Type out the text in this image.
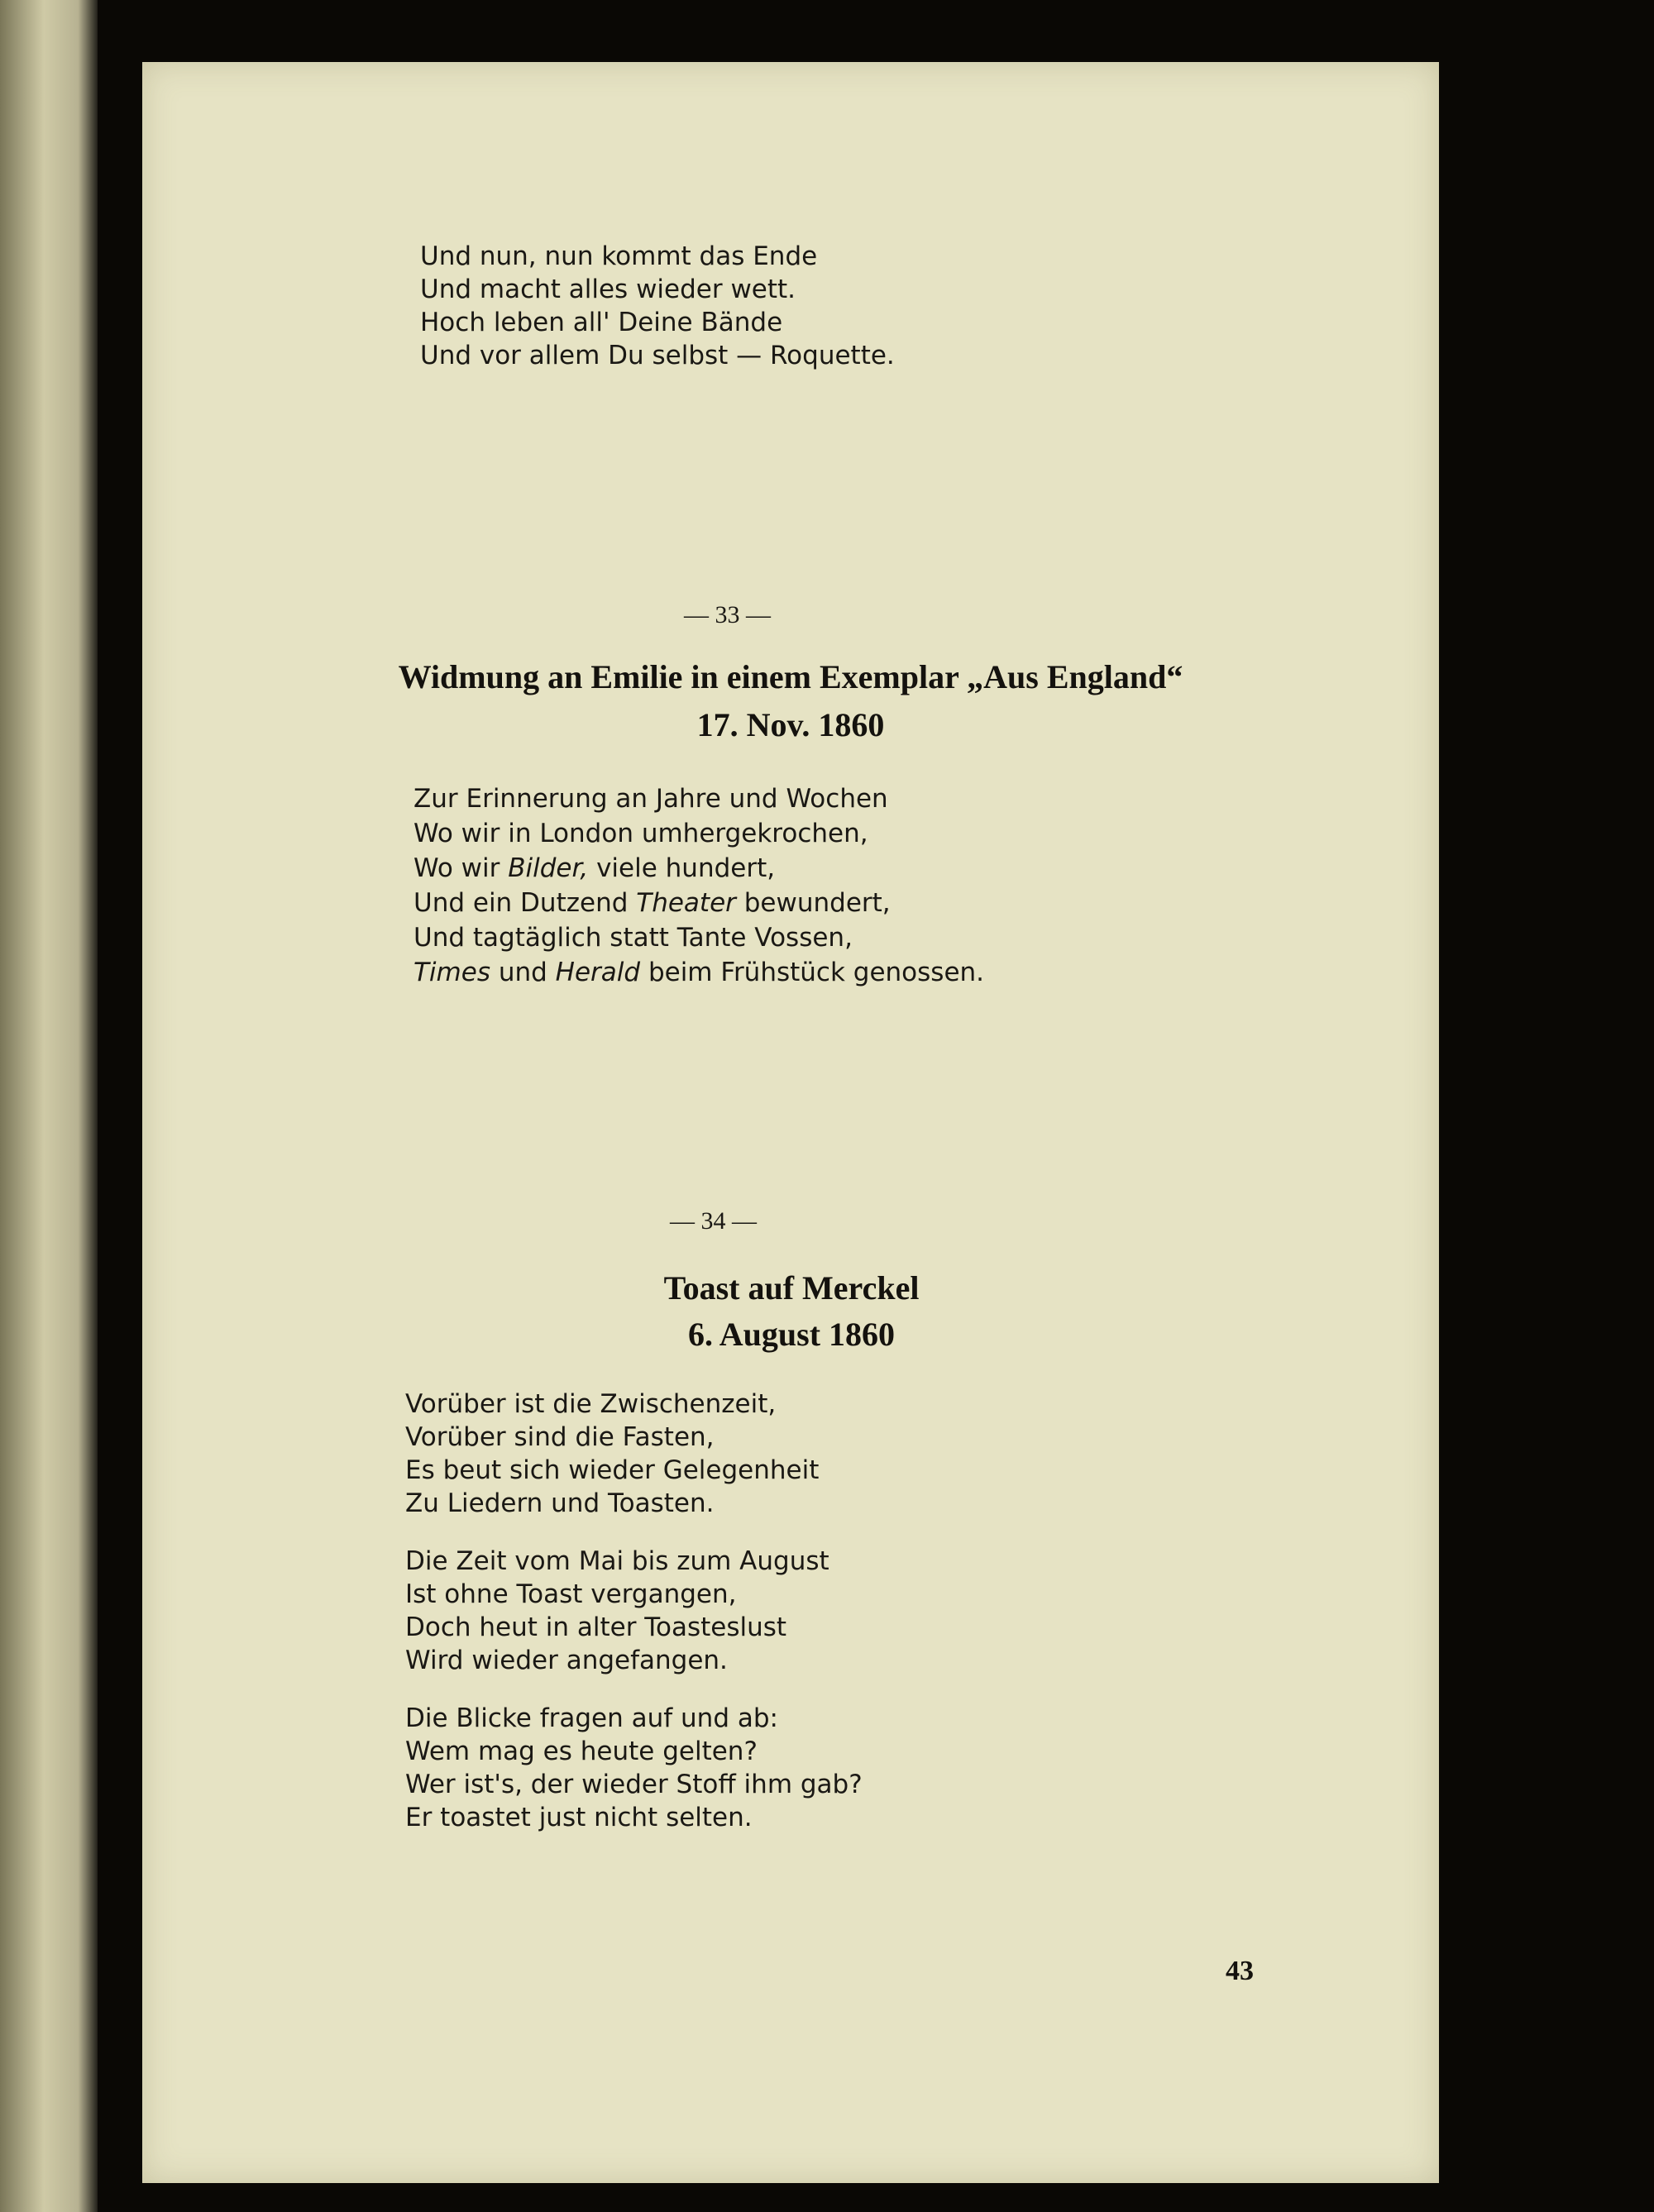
Und nun, nun kommt das Ende
Und macht alles wieder wett.
Hoch leben all' Deine Bände
Und vor allem Du selbst — Roquette.
— 33 —
Widmung an Emilie in einem Exemplar „Aus England“
17. Nov. 1860
Zur Erinnerung an Jahre und Wochen
Wo wir in London umhergekrochen,
Wo wir Bilder, viele hundert,
Und ein Dutzend Theater bewundert,
Und tagtäglich statt Tante Vossen,
Times und Herald beim Frühstück genossen.
— 34 —
Toast auf Merckel
6. August 1860
Vorüber ist die Zwischenzeit,
Vorüber sind die Fasten,
Es beut sich wieder Gelegenheit
Zu Liedern und Toasten.
Die Zeit vom Mai bis zum August
Ist ohne Toast vergangen,
Doch heut in alter Toasteslust
Wird wieder angefangen.
Die Blicke fragen auf und ab:
Wem mag es heute gelten?
Wer ist's, der wieder Stoff ihm gab?
Er toastet just nicht selten.
43
